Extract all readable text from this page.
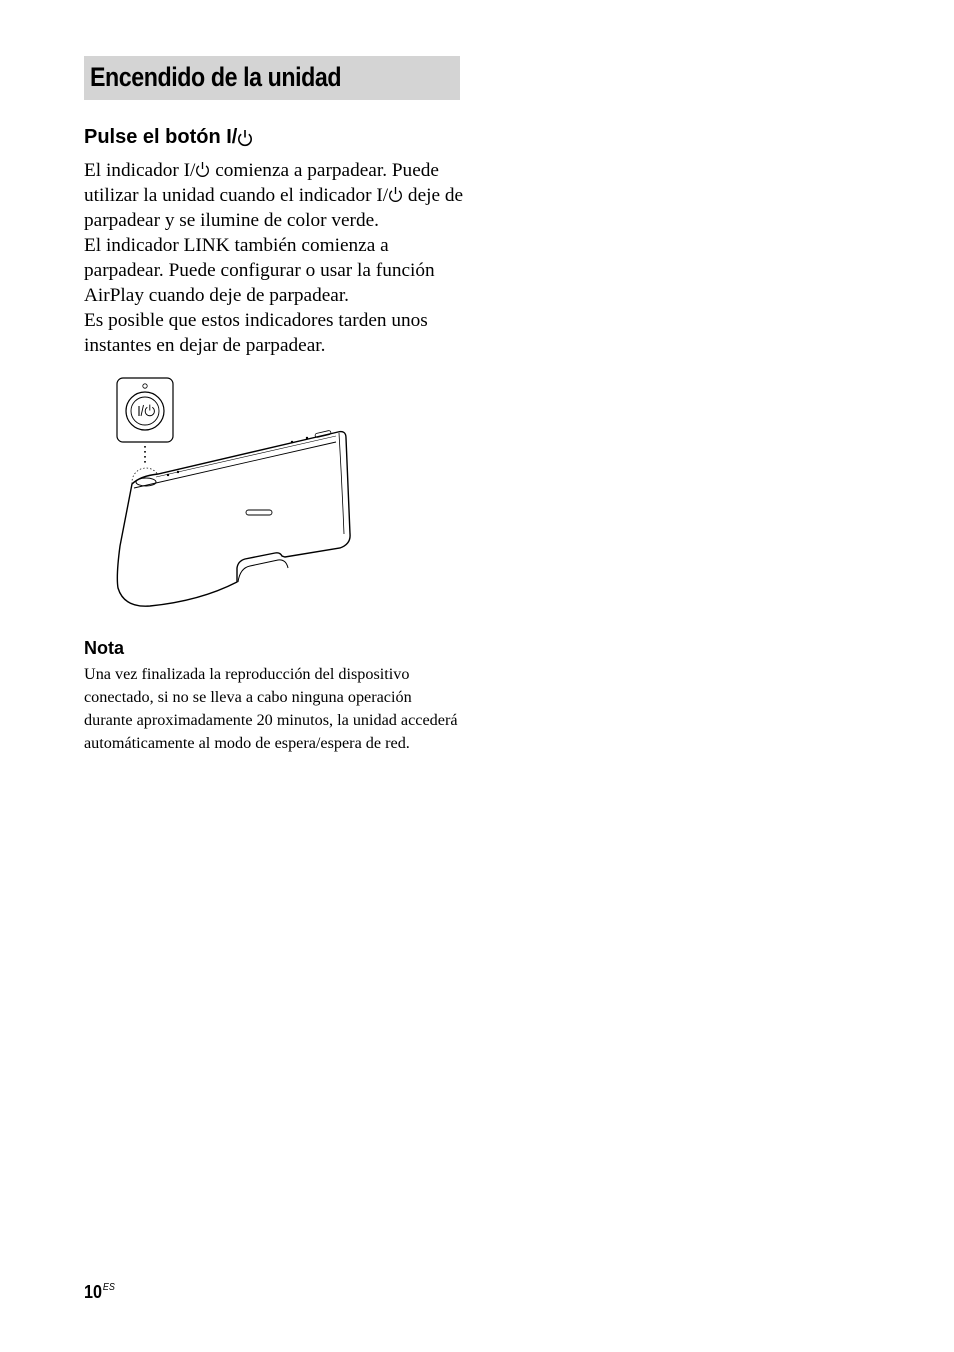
Encendido de la unidad
Pulse el botón I/

El indicador I/ comienza a parpadear. Puede utilizar la unidad cuando el indicador I/ deje de parpadear y se ilumine de color verde.

El indicador LINK también comienza a parpadear. Puede configurar o usar la función AirPlay cuando deje de parpadear.

Es posible que estos indicadores tarden unos instantes en dejar de parpadear.

Nota
Una vez finalizada la reproducción del dispositivo conectado, si no se lleva a cabo ninguna operación durante aproximadamente 20 minutos, la unidad accederá automáticamente al modo de espera/espera de red.
$10^{ES}$
